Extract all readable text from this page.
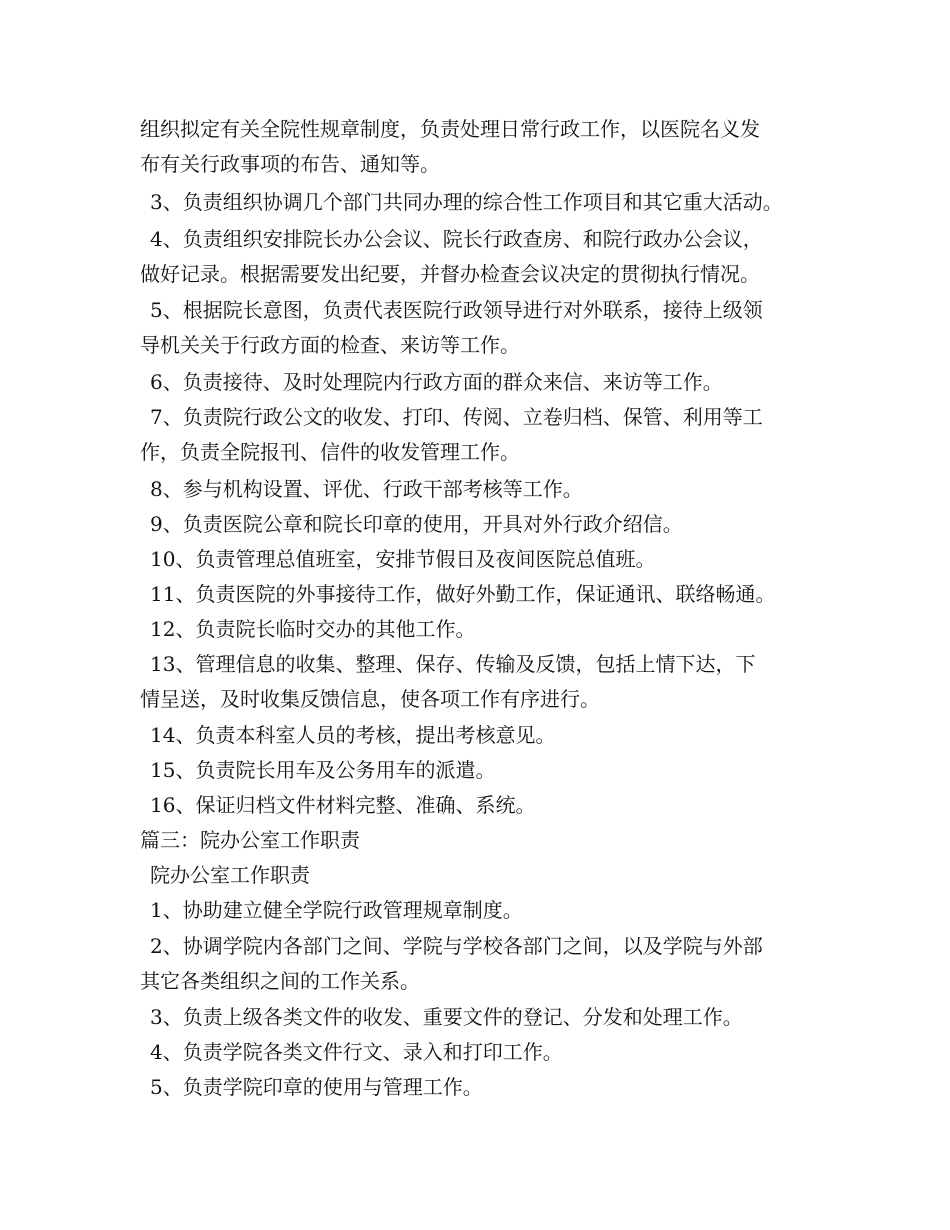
组织拟定有关全院性规章制度，负责处理日常行政工作，以医院名义发
布有关行政事项的布告、通知等。
3、负责组织协调几个部门共同办理的综合性工作项目和其它重大活动。
4、负责组织安排院长办公会议、院长行政查房、和院行政办公会议，
做好记录。根据需要发出纪要，并督办检查会议决定的贯彻执行情况。
5、根据院长意图，负责代表医院行政领导进行对外联系，接待上级领
导机关关于行政方面的检查、来访等工作。
6、负责接待、及时处理院内行政方面的群众来信、来访等工作。
7、负责院行政公文的收发、打印、传阅、立卷归档、保管、利用等工
作，负责全院报刊、信件的收发管理工作。
8、参与机构设置、评优、行政干部考核等工作。
9、负责医院公章和院长印章的使用，开具对外行政介绍信。
10、负责管理总值班室，安排节假日及夜间医院总值班。
11、负责医院的外事接待工作，做好外勤工作，保证通讯、联络畅通。
12、负责院长临时交办的其他工作。
13、管理信息的收集、整理、保存、传输及反馈，包括上情下达，下
情呈送，及时收集反馈信息，使各项工作有序进行。
14、负责本科室人员的考核，提出考核意见。
15、负责院长用车及公务用车的派遣。
16、保证归档文件材料完整、准确、系统。
篇三：院办公室工作职责
院办公室工作职责
1、协助建立健全学院行政管理规章制度。
2、协调学院内各部门之间、学院与学校各部门之间，以及学院与外部
其它各类组织之间的工作关系。
3、负责上级各类文件的收发、重要文件的登记、分发和处理工作。
4、负责学院各类文件行文、录入和打印工作。
5、负责学院印章的使用与管理工作。
